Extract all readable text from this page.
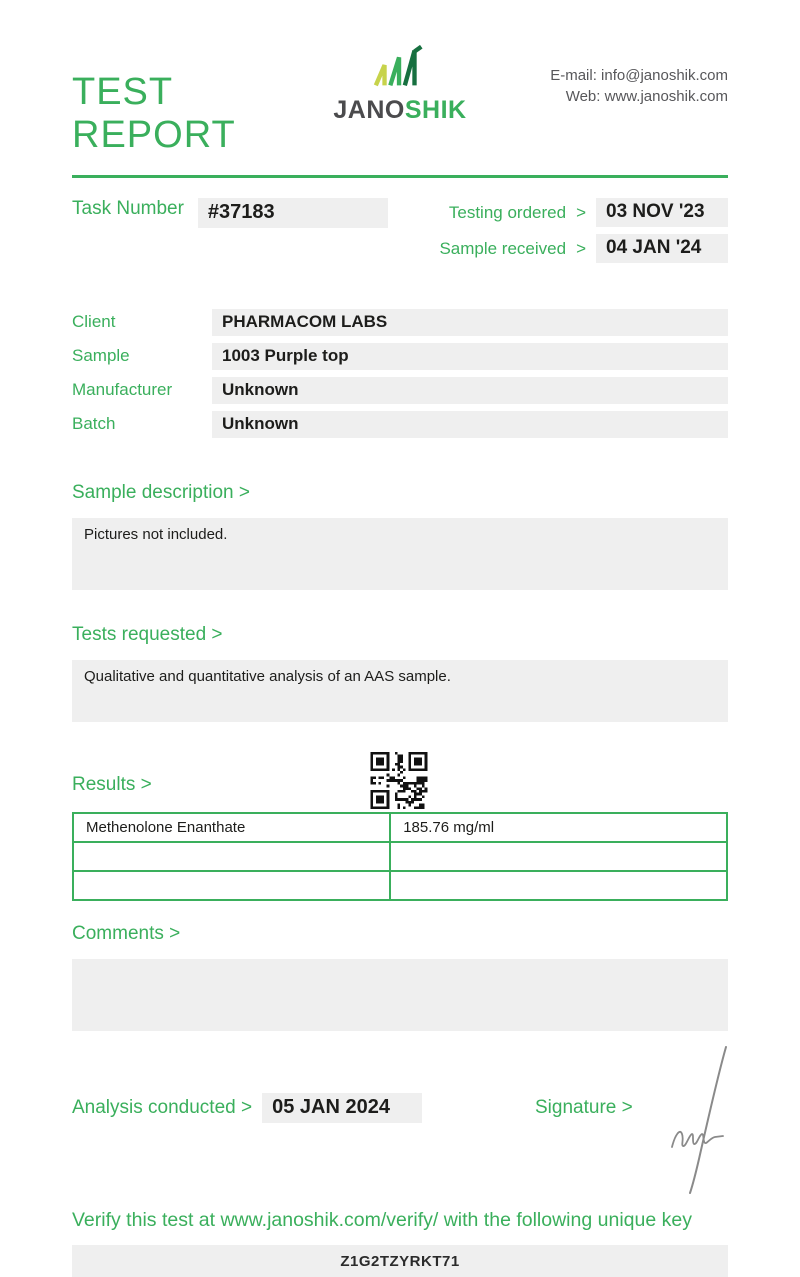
TEST REPORT
JANOSHIK
E-mail: info@janoshik.com
Web: www.janoshik.com
Task Number	#37183	Testing ordered >	03 NOV '23
Sample received >	04 JAN '24
Client	PHARMACOM LABS
Sample	1003 Purple top
Manufacturer	Unknown
Batch	Unknown
Sample description >
Pictures not included.
Tests requested >
Qualitative and quantitative analysis of an AAS sample.
Results >
Methenolone Enanthate	185.76 mg/ml

Comments >
Analysis conducted >	05 JAN 2024	Signature >
Verify this test at www.janoshik.com/verify/ with the following unique key
Z1G2TZYRKT71
